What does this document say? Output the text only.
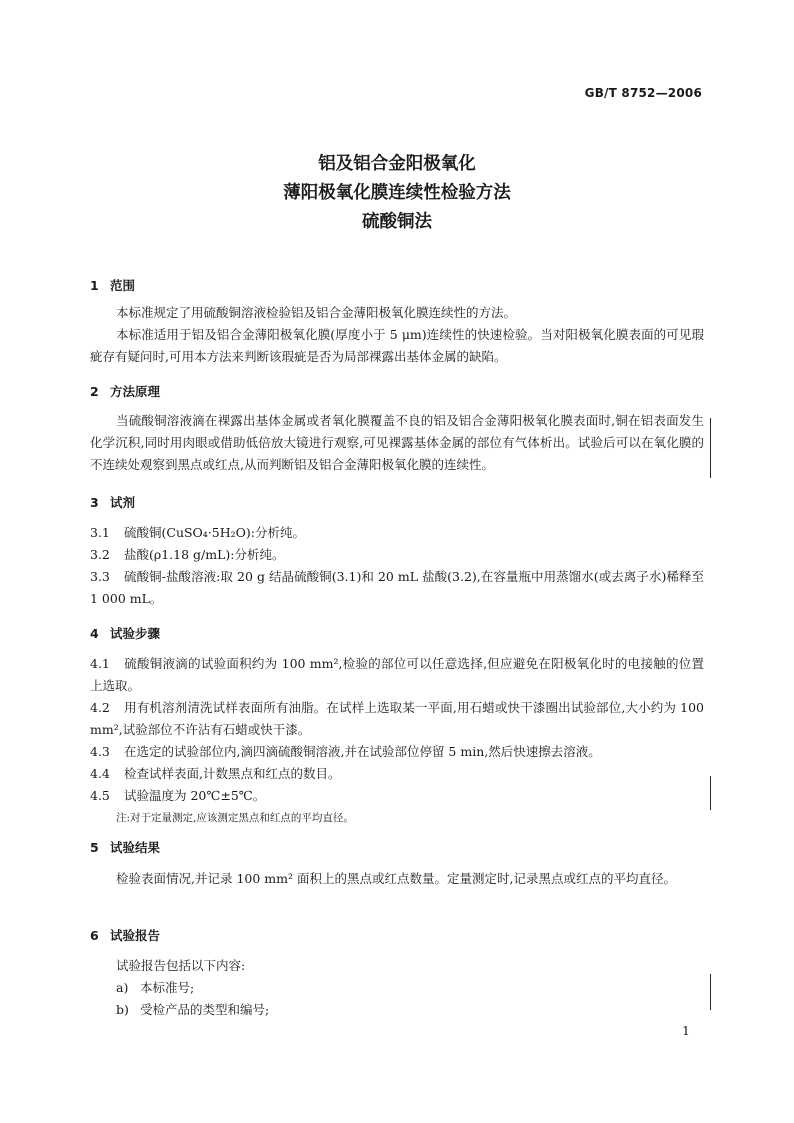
GB/T 8752—2006
铝及铝合金阳极氧化
薄阳极氧化膜连续性检验方法
硫酸铜法
1 范围
本标准规定了用硫酸铜溶液检验铝及铝合金薄阳极氧化膜连续性的方法。
本标准适用于铝及铝合金薄阳极氧化膜(厚度小于 5 μm)连续性的快速检验。当对阳极氧化膜表面的可见瑕疵存有疑问时,可用本方法来判断该瑕疵是否为局部裸露出基体金属的缺陷。
2 方法原理
当硫酸铜溶液滴在裸露出基体金属或者氧化膜覆盖不良的铝及铝合金薄阳极氧化膜表面时,铜在铝表面发生化学沉积,同时用肉眼或借助低倍放大镜进行观察,可见裸露基体金属的部位有气体析出。试验后可以在氧化膜的不连续处观察到黑点或红点,从而判断铝及铝合金薄阳极氧化膜的连续性。
3 试剂
3.1 硫酸铜(CuSO₄·5H₂O):分析纯。
3.2 盐酸(ρ1.18 g/mL):分析纯。
3.3 硫酸铜-盐酸溶液:取 20 g 结晶硫酸铜(3.1)和 20 mL 盐酸(3.2),在容量瓶中用蒸馏水(或去离子水)稀释至 1 000 mL。
4 试验步骤
4.1 硫酸铜液滴的试验面积约为 100 mm²,检验的部位可以任意选择,但应避免在阳极氧化时的电接触的位置上选取。
4.2 用有机溶剂清洗试样表面所有油脂。在试样上选取某一平面,用石蜡或快干漆圈出试验部位,大小约为 100 mm²,试验部位不许沾有石蜡或快干漆。
4.3 在选定的试验部位内,滴四滴硫酸铜溶液,并在试验部位停留 5 min,然后快速擦去溶液。
4.4 检查试样表面,计数黑点和红点的数目。
4.5 试验温度为 20℃±5℃。
注:对于定量测定,应该测定黑点和红点的平均直径。
5 试验结果
检验表面情况,并记录 100 mm² 面积上的黑点或红点数量。定量测定时,记录黑点或红点的平均直径。
6 试验报告
试验报告包括以下内容:
a) 本标准号;
b) 受检产品的类型和编号;
1
